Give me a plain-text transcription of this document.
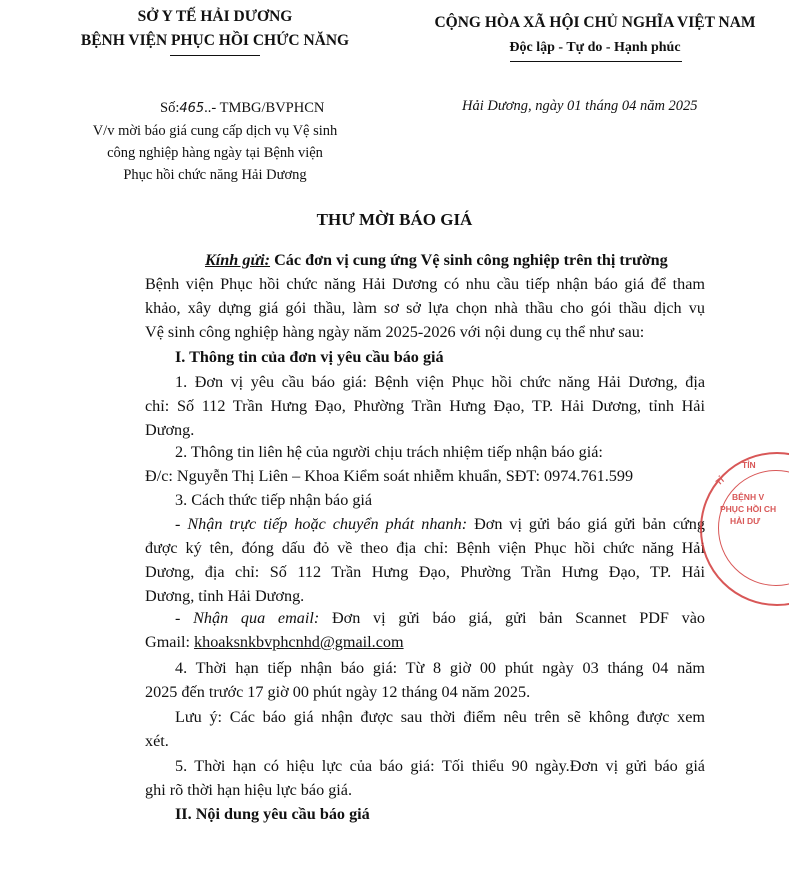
SỞ Y TẾ HẢI DƯƠNG
BỆNH VIỆN PHỤC HỒI CHỨC NĂNG
CỘNG HÒA XÃ HỘI CHỦ NGHĨA VIỆT NAM
Độc lập - Tự do - Hạnh phúc
Số:465..- TMBG/BVPHCN	Hải Dương, ngày 01 tháng 04 năm 2025
V/v mời báo giá cung cấp dịch vụ Vệ sinh
công nghiệp hàng ngày tại Bệnh viện
Phục hồi chức năng Hải Dương
THƯ MỜI BÁO GIÁ
Kính gửi: Các đơn vị cung ứng Vệ sinh công nghiệp trên thị trường
Bệnh viện Phục hồi chức năng Hải Dương có nhu cầu tiếp nhận báo giá để tham
khảo, xây dựng giá gói thầu, làm sơ sở lựa chọn nhà thầu cho gói thầu dịch vụ
Vệ sinh công nghiệp hàng ngày năm 2025-2026 với nội dung cụ thể như sau:
I. Thông tin của đơn vị yêu cầu báo giá
1. Đơn vị yêu cầu báo giá: Bệnh viện Phục hồi chức năng Hải Dương, địa
chỉ: Số 112 Trần Hưng Đạo, Phường Trần Hưng Đạo, TP. Hải Dương, tỉnh Hải
Dương.
2. Thông tin liên hệ của người chịu trách nhiệm tiếp nhận báo giá:
Đ/c: Nguyễn Thị Liên – Khoa Kiểm soát nhiễm khuẩn, SĐT: 0974.761.599
3. Cách thức tiếp nhận báo giá
- Nhận trực tiếp hoặc chuyển phát nhanh: Đơn vị gửi báo giá gửi bản cứng
được ký tên, đóng dấu đỏ về theo địa chỉ: Bệnh viện Phục hồi chức năng Hải
Dương, địa chỉ: Số 112 Trần Hưng Đạo, Phường Trần Hưng Đạo, TP. Hải
Dương, tỉnh Hải Dương.
- Nhận qua email: Đơn vị gửi báo giá, gửi bản Scannet PDF vào
Gmail: khoaksnkbvphcnhd@gmail.com
4. Thời hạn tiếp nhận báo giá: Từ 8 giờ 00 phút ngày 03 tháng 04 năm
2025 đến trước 17 giờ 00 phút ngày 12 tháng 04 năm 2025.
Lưu ý: Các báo giá nhận được sau thời điểm nêu trên sẽ không được xem
xét.
5. Thời hạn có hiệu lực của báo giá: Tối thiểu 90 ngày.Đơn vị gửi báo giá
ghi rõ thời hạn hiệu lực báo giá.
II. Nội dung yêu cầu báo giá
TỈN
TỈ
BỆNH V
PHỤC HỒI CH
HẢI DƯ
